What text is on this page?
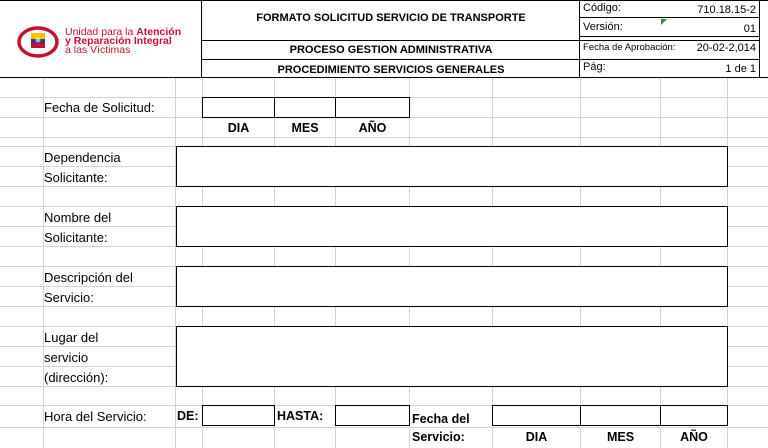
Unidad para la Atención
y Reparación Integral
a las Víctimas
FORMATO SOLICITUD SERVICIO DE TRANSPORTE
PROCESO GESTION ADMINISTRATIVA
PROCEDIMIENTO SERVICIOS GENERALES
Código:	710.18.15-2
Versión:	01
Fecha de Aprobación: 20-02-2,014
Pág:	1 de 1
Fecha de Solicitud:
DIA	MES	AÑO
Dependencia
Solicitante:
Nombre del
Solicitante:
Descripción del
Servicio:
Lugar del
servicio
(dirección):
Hora del Servicio: DE:	HASTA:	Fecha del
Servicio:	DIA	MES	AÑO
